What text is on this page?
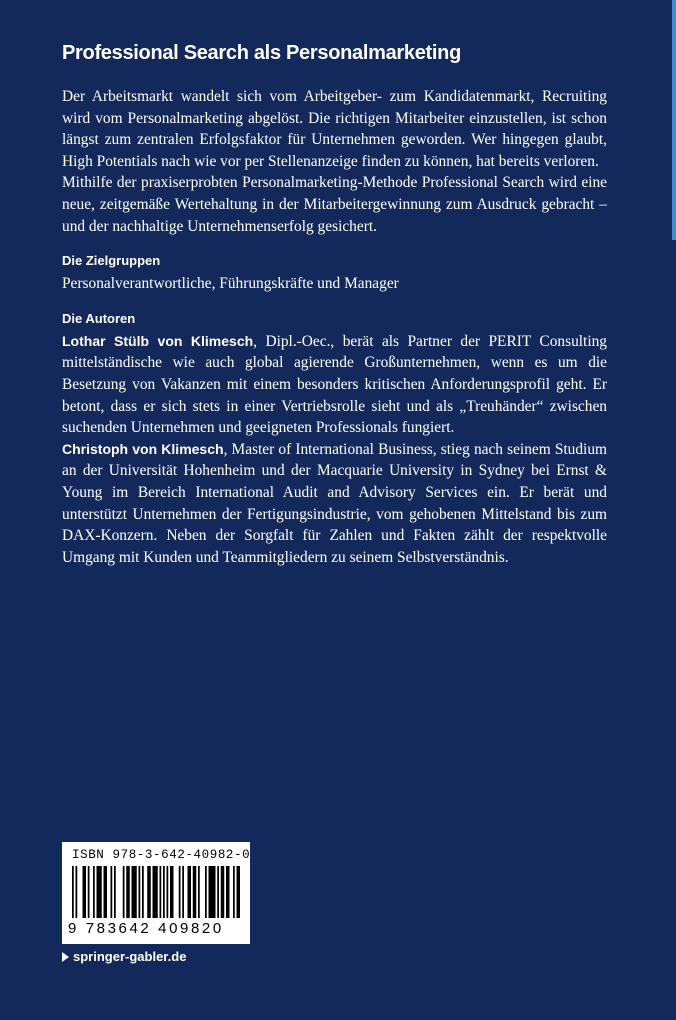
Professional Search als Personalmarketing

Der Arbeitsmarkt wandelt sich vom Arbeitgeber- zum Kandidatenmarkt, Recruiting wird vom Personalmarketing abgelöst. Die richtigen Mitarbeiter einzustellen, ist schon längst zum zentralen Erfolgsfaktor für Unternehmen geworden. Wer hingegen glaubt, High Potentials nach wie vor per Stellenanzeige finden zu können, hat bereits verloren.

Mithilfe der praxiserprobten Personalmarketing-Methode Professional Search wird eine neue, zeitgemäße Wertehaltung in der Mitarbeitergewinnung zum Ausdruck gebracht – und der nachhaltige Unternehmenserfolg gesichert.

Die Zielgruppen

Personalverantwortliche, Führungskräfte und Manager

Die Autoren

Lothar Stülb von Klimesch, Dipl.-Oec., berät als Partner der PERIT Consulting mittelständische wie auch global agierende Großunternehmen, wenn es um die Besetzung von Vakanzen mit einem besonders kritischen Anforderungsprofil geht. Er betont, dass er sich stets in einer Vertriebsrolle sieht und als „Treuhänder“ zwischen suchenden Unternehmen und geeigneten Professionals fungiert.

Christoph von Klimesch, Master of International Business, stieg nach seinem Studium an der Universität Hohenheim und der Macquarie University in Sydney bei Ernst & Young im Bereich International Audit and Advisory Services ein. Er berät und unterstützt Unternehmen der Fertigungsindustrie, vom gehobenen Mittelstand bis zum DAX-Konzern. Neben der Sorgfalt für Zahlen und Fakten zählt der respektvolle Umgang mit Kunden und Teammitgliedern zu seinem Selbstverständnis.

ISBN 978-3-642-40982-0
9 783642 409820
springer-gabler.de
